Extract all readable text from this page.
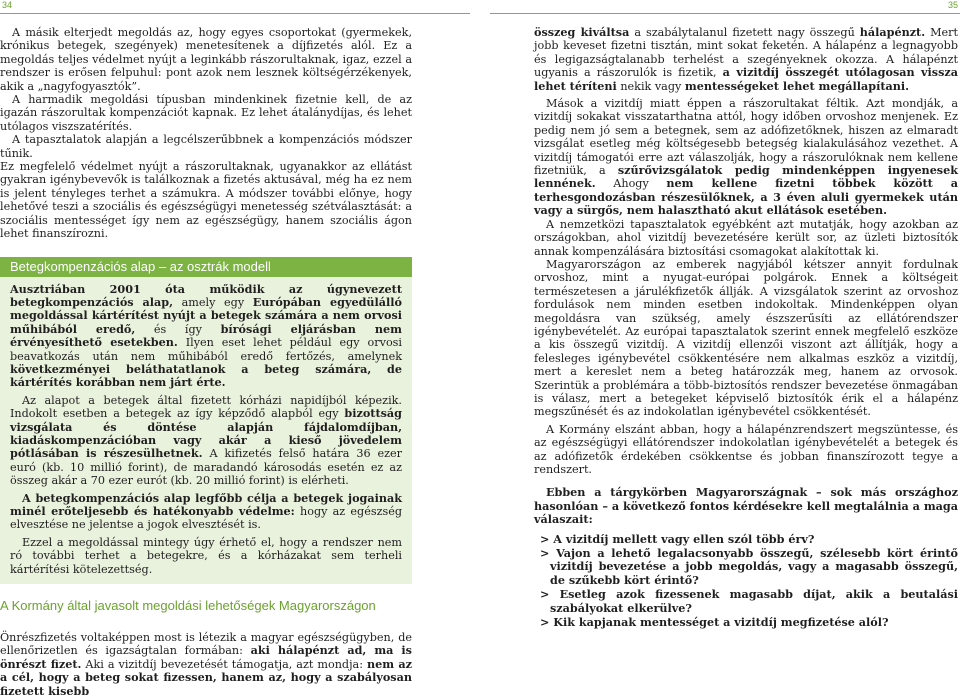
34	35

A másik elterjedt megoldás az, hogy egyes csoportokat (gyermekek, krónikus betegek, szegények) menetesítenek a díjfizetés alól. Ez a megoldás teljes védelmet nyújt a leginkább rászorultaknak, igaz, ezzel a rendszer is erősen felpuhul: pont azok nem lesznek költségérzékenyek, akik a „nagyfogyasztók”.

A harmadik megoldási típusban mindenkinek fizetnie kell, de az igazán rászorultak kompenzációt kapnak. Ez lehet átalánydíjas, és lehet utólagos viszszatérítés.

A tapasztalatok alapján a legcélszerűbbnek a kompenzációs módszer tűnik.

Ez megfelelő védelmet nyújt a rászorultaknak, ugyanakkor az ellátást gyakran igénybevevők is találkoznak a fizetés aktusával, még ha ez nem is jelent tényleges terhet a számukra. A módszer további előnye, hogy lehetővé teszi a szociális és egészségügyi menetesség szétválasztását: a szociális mentességet így nem az egészségügy, hanem szociális ágon lehet finanszírozni.

Betegkompenzációs alap – az osztrák modell

Ausztriában 2001 óta működik az úgynevezett betegkompenzációs alap, amely egy Európában egyedülálló megoldással kártérítést nyújt a betegek számára a nem orvosi műhibából eredő, és így bírósági eljárásban nem érvényesíthető esetekben. Ilyen eset lehet például egy orvosi beavatkozás után nem műhibából eredő fertőzés, amelynek következményei beláthatatlanok a beteg számára, de kártérítés korábban nem járt érte.

Az alapot a betegek által fizetett kórházi napidíjból képezik. Indokolt esetben a betegek az így képződő alapból egy bizottság vizsgálata és döntése alapján fájdalomdíjban, kiadáskompenzációban vagy akár a kieső jövedelem pótlásában is részesülhetnek. A kifizetés felső határa 36 ezer euró (kb. 10 millió forint), de maradandó károsodás esetén ez az összeg akár a 70 ezer eurót (kb. 20 millió forint) is elérheti.

A betegkompenzációs alap legfőbb célja a betegek jogainak minél erőteljesebb és hatékonyabb védelme: hogy az egészség elvesztése ne jelentse a jogok elvesztését is.

Ezzel a megoldással mintegy úgy érhető el, hogy a rendszer nem ró további terhet a betegekre, és a kórházakat sem terheli kártérítési kötelezettség.

A Kormány által javasolt megoldási lehetőségek Magyarországon

Önrészfizetés voltaképpen most is létezik a magyar egészségügyben, de ellenőrizetlen és igazságtalan formában: aki hálapénzt ad, ma is önrészt fizet. Aki a vizitdíj bevezetését támogatja, azt mondja: nem az a cél, hogy a beteg sokat fizessen, hanem az, hogy a szabályosan fizetett kisebb

összeg kiváltsa a szabálytalanul fizetett nagy összegű hálapénzt. Mert jobb keveset fizetni tisztán, mint sokat feketén. A hálapénz a legnagyobb és legigazságtalanabb terhelést a szegényeknek okozza. A hálapénzt ugyanis a rászorulók is fizetik, a vizitdíj összegét utólagosan vissza lehet téríteni nekik vagy mentességeket lehet megállapítani.

Mások a vizitdíj miatt éppen a rászorultakat féltik. Azt mondják, a vizitdíj sokakat visszatarthatna attól, hogy időben orvoshoz menjenek. Ez pedig nem jó sem a betegnek, sem az adófizetőknek, hiszen az elmaradt vizsgálat esetleg még költségesebb betegség kialakulásához vezethet. A vizitdíj támogatói erre azt válaszolják, hogy a rászorulóknak nem kellene fizetniük, a szűrővizsgálatok pedig mindenképpen ingyenesek lennének. Ahogy nem kellene fizetni többek között a terhesgondozásban részesülőknek, a 3 éven aluli gyermekek után vagy a sürgős, nem halasztható akut ellátások esetében.

A nemzetközi tapasztalatok egyébként azt mutatják, hogy azokban az országokban, ahol vizitdíj bevezetésére került sor, az üzleti biztosítók annak kompenzálására biztosítási csomagokat alakítottak ki.

Magyarországon az emberek nagyjából kétszer annyit fordulnak orvoshoz, mint a nyugat-európai polgárok. Ennek a költségeit természetesen a járulékfizetők állják. A vizsgálatok szerint az orvoshoz fordulások nem minden esetben indokoltak. Mindenképpen olyan megoldásra van szükség, amely észszerűsíti az ellátórendszer igénybevételét. Az európai tapasztalatok szerint ennek megfelelő eszköze a kis összegű vizitdíj. A vizitdíj ellenzői viszont azt állítják, hogy a felesleges igénybevétel csökkentésére nem alkalmas eszköz a vizitdíj, mert a kereslet nem a beteg határozzák meg, hanem az orvosok. Szerintük a problémára a több-biztosítós rendszer bevezetése önmagában is válasz, mert a betegeket képviselő biztosítók érik el a hálapénz megszűnését és az indokolatlan igénybevétel csökkentését.

A Kormány elszánt abban, hogy a hálapénzrendszert megszüntesse, és az egészségügyi ellátórendszer indokolatlan igénybevételét a betegek és az adófizetők érdekében csökkentse és jobban finanszírozott tegye a rendszert.

Ebben a tárgykörben Magyarországnak – sok más országhoz hasonlóan – a következő fontos kérdésekre kell megtalálnia a maga válaszait:

> A vizitdíj mellett vagy ellen szól több érv?
> Vajon a lehető legalacsonyabb összegű, szélesebb kört érintő vizitdíj bevezetése a jobb megoldás, vagy a magasabb összegű, de szűkebb kört érintő?
> Esetleg azok fizessenek magasabb díjat, akik a beutalási szabályokat elkerülve?
> Kik kapjanak mentességet a vizitdíj megfizetése alól?
